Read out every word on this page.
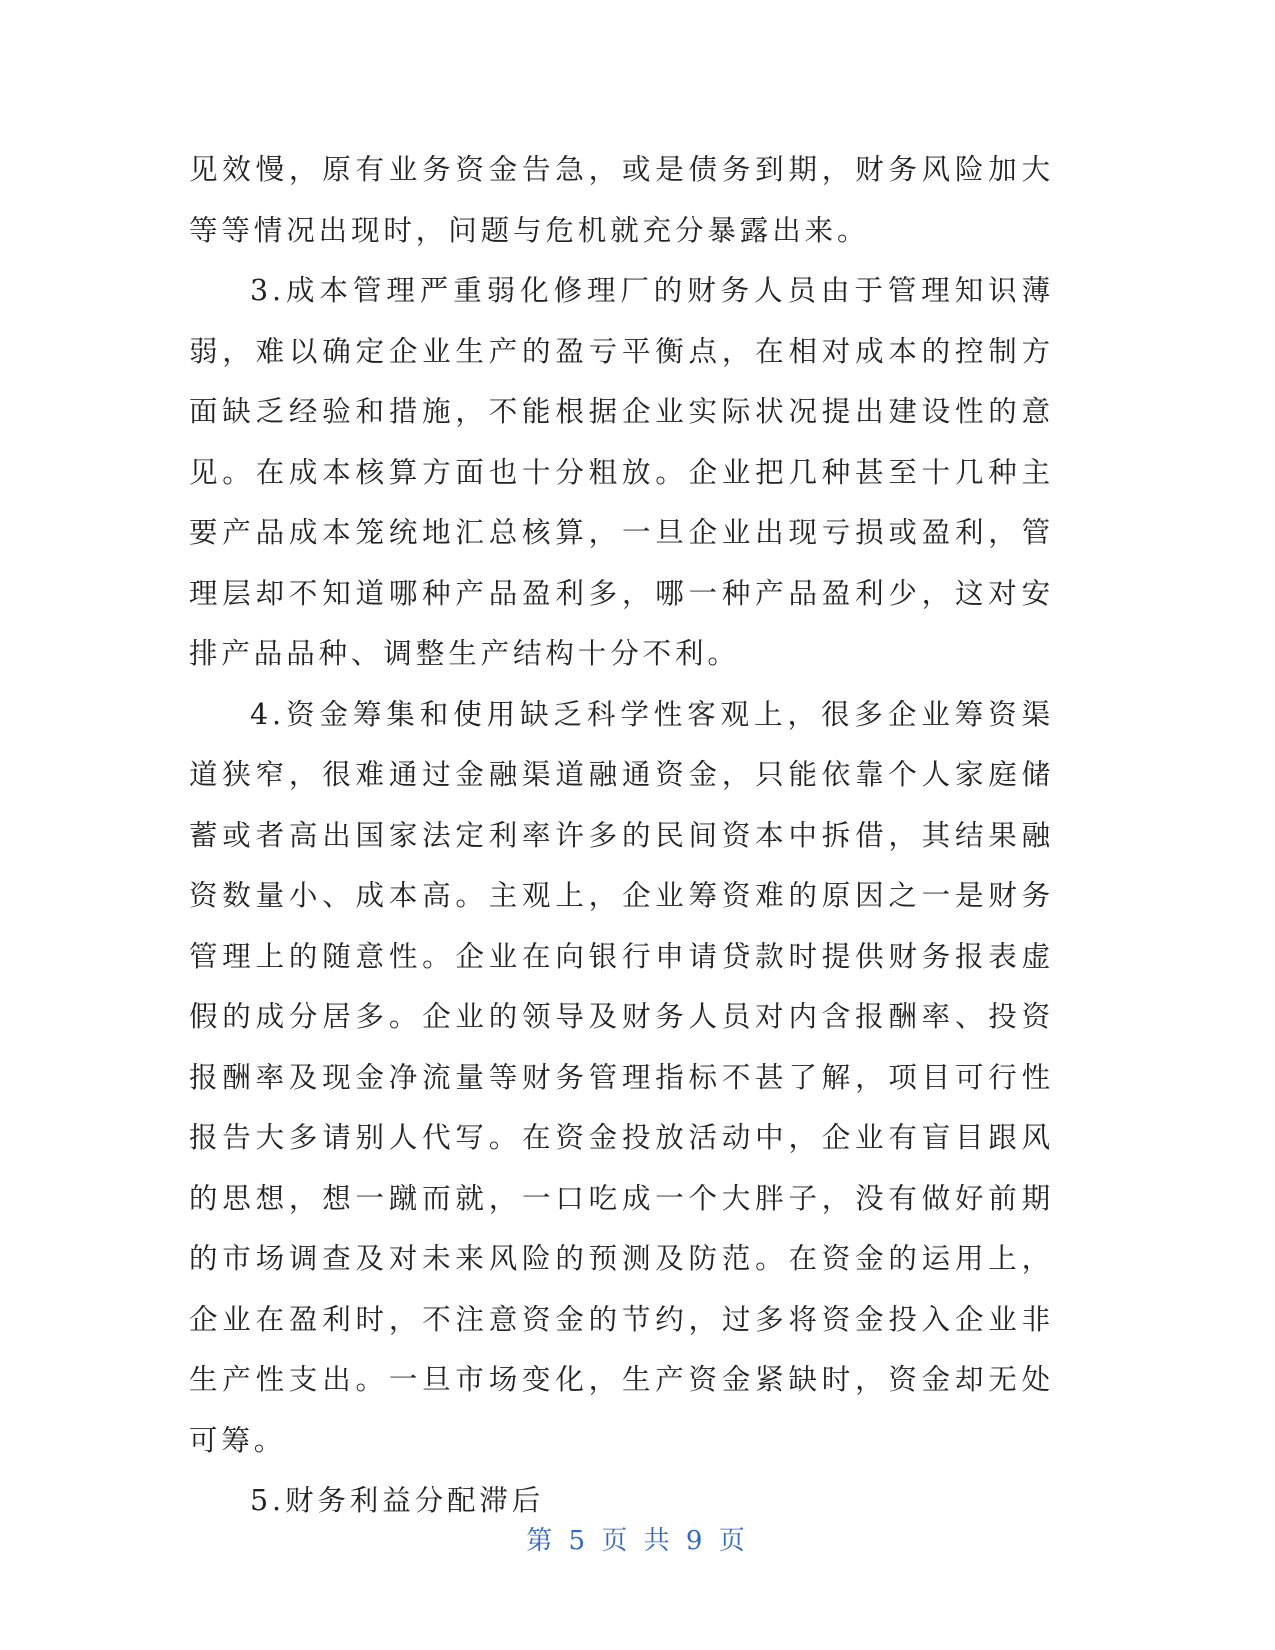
见效慢，原有业务资金告急，或是债务到期，财务风险加大等等情况出现时，问题与危机就充分暴露出来。

3.成本管理严重弱化修理厂的财务人员由于管理知识薄弱，难以确定企业生产的盈亏平衡点，在相对成本的控制方面缺乏经验和措施，不能根据企业实际状况提出建设性的意见。在成本核算方面也十分粗放。企业把几种甚至十几种主要产品成本笼统地汇总核算，一旦企业出现亏损或盈利，管理层却不知道哪种产品盈利多，哪一种产品盈利少，这对安排产品品种、调整生产结构十分不利。

4.资金筹集和使用缺乏科学性客观上，很多企业筹资渠道狭窄，很难通过金融渠道融通资金，只能依靠个人家庭储蓄或者高出国家法定利率许多的民间资本中拆借，其结果融资数量小、成本高。主观上，企业筹资难的原因之一是财务管理上的随意性。企业在向银行申请贷款时提供财务报表虚假的成分居多。企业的领导及财务人员对内含报酬率、投资报酬率及现金净流量等财务管理指标不甚了解，项目可行性报告大多请别人代写。在资金投放活动中，企业有盲目跟风的思想，想一蹴而就，一口吃成一个大胖子，没有做好前期的市场调查及对未来风险的预测及防范。在资金的运用上，企业在盈利时，不注意资金的节约，过多将资金投入企业非生产性支出。一旦市场变化，生产资金紧缺时，资金却无处可筹。

5.财务利益分配滞后

第 5 页 共 9 页
